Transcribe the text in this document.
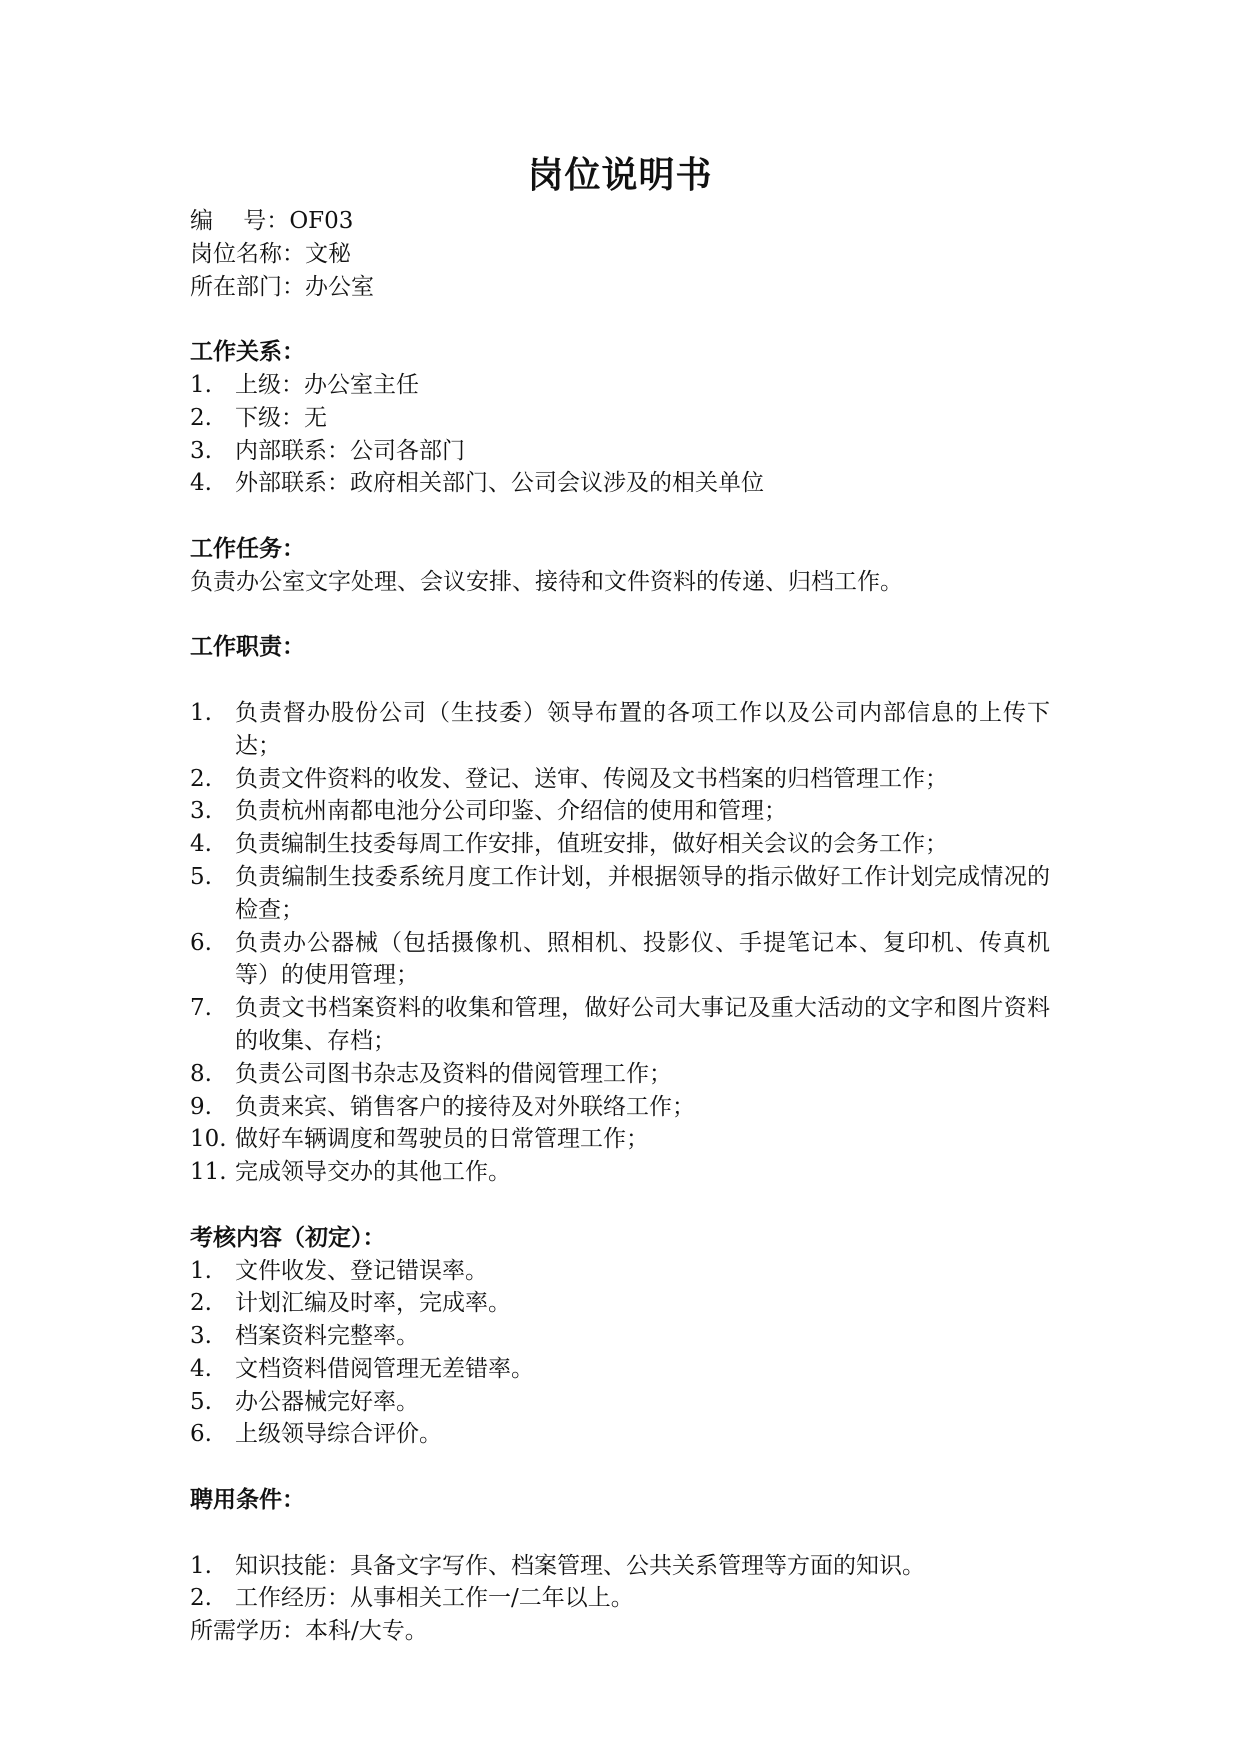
岗位说明书
编　 号：OF03
岗位名称：文秘
所在部门：办公室
工作关系：
1.	上级：办公室主任
2.	下级：无
3.	内部联系：公司各部门
4.	外部联系：政府相关部门、公司会议涉及的相关单位
工作任务：
负责办公室文字处理、会议安排、接待和文件资料的传递、归档工作。
工作职责：
1.	负责督办股份公司（生技委）领导布置的各项工作以及公司内部信息的上传下达；
2.	负责文件资料的收发、登记、送审、传阅及文书档案的归档管理工作；
3.	负责杭州南都电池分公司印鉴、介绍信的使用和管理；
4.	负责编制生技委每周工作安排，值班安排，做好相关会议的会务工作；
5.	负责编制生技委系统月度工作计划，并根据领导的指示做好工作计划完成情况的检查；
6.	负责办公器械（包括摄像机、照相机、投影仪、手提笔记本、复印机、传真机等）的使用管理；
7.	负责文书档案资料的收集和管理，做好公司大事记及重大活动的文字和图片资料的收集、存档；
8.	负责公司图书杂志及资料的借阅管理工作；
9.	负责来宾、销售客户的接待及对外联络工作；
10. 做好车辆调度和驾驶员的日常管理工作；
11. 完成领导交办的其他工作。
考核内容（初定）：
1.	文件收发、登记错误率。
2.	计划汇编及时率，完成率。
3.	档案资料完整率。
4.	文档资料借阅管理无差错率。
5.	办公器械完好率。
6.	上级领导综合评价。
聘用条件：
1.	知识技能：具备文字写作、档案管理、公共关系管理等方面的知识。
2.	工作经历：从事相关工作一/二年以上。
所需学历：本科/大专。
